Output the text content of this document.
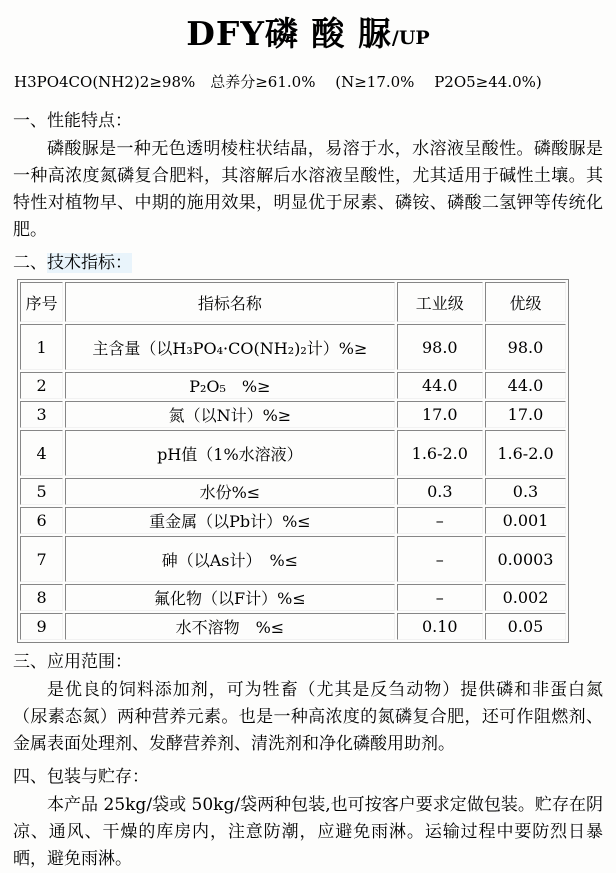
DFY磷 酸 脲/UP
H3PO4CO(NH2)2≥98%　总养分≥61.0%　 (N≥17.0%　 P2O5≥44.0%)
一、性能特点：

磷酸脲是一种无色透明棱柱状结晶，易溶于水，水溶液呈酸性。磷酸脲是一种高浓度氮磷复合肥料，其溶解后水溶液呈酸性，尤其适用于碱性土壤。其特性对植物早、中期的施用效果，明显优于尿素、磷铵、磷酸二氢钾等传统化肥。

二、技术指标：
序号	指标名称	工业级	优级
1	主含量（以H₃PO₄·CO(NH₂)₂计）%≥	98.0	98.0
2	P₂O₅　%≥	44.0	44.0
3	氮（以N计）%≥	17.0	17.0
4	pH值（1%水溶液）	1.6-2.0	1.6-2.0
5	水份%≤	0.3	0.3
6	重金属（以Pb计）%≤	–	0.001
7	砷（以As计）　%≤	–	0.0003
8	氟化物（以F计）%≤	–	0.002
9	水不溶物　%≤	0.10	0.05
三、应用范围：

是优良的饲料添加剂，可为牲畜（尤其是反刍动物）提供磷和非蛋白氮（尿素态氮）两种营养元素。也是一种高浓度的氮磷复合肥，还可作阻燃剂、金属表面处理剂、发酵营养剂、清洗剂和净化磷酸用助剂。

四、包装与贮存：

本产品 25kg/袋或 50kg/袋两种包装,也可按客户要求定做包装。贮存在阴凉、通风、干燥的库房内，注意防潮，应避免雨淋。运输过程中要防烈日暴晒，避免雨淋。
